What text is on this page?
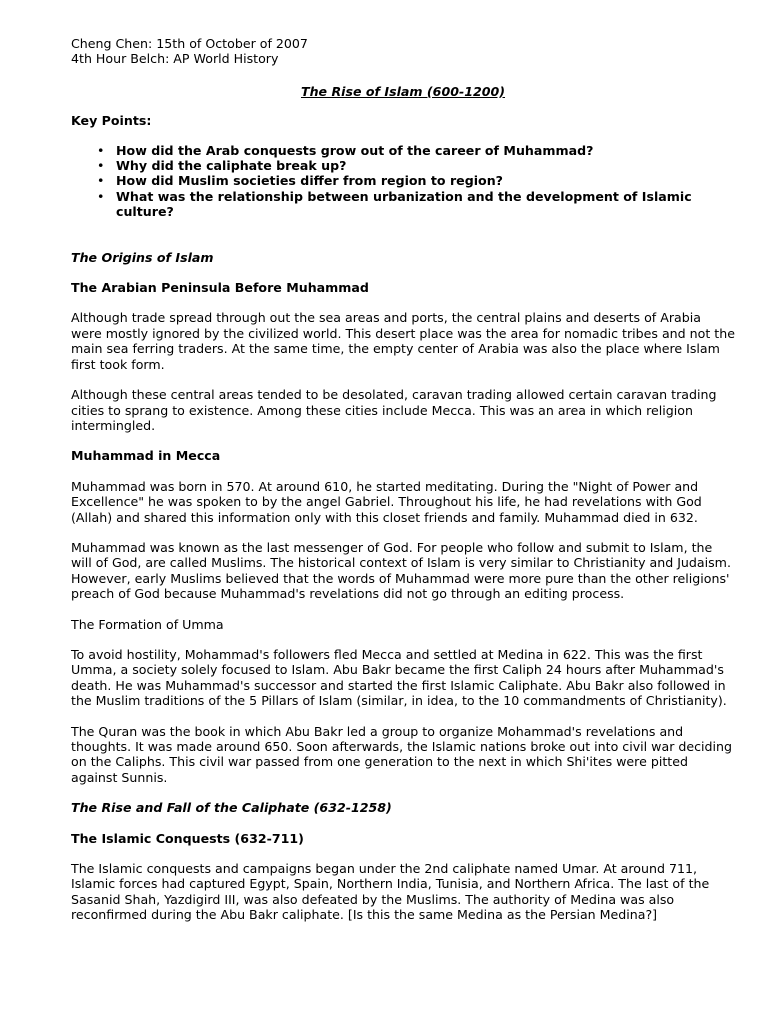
Cheng Chen: 15th of October of 2007

4th Hour Belch: AP World History

The Rise of Islam (600-1200)

Key Points:

• How did the Arab conquests grow out of the career of Muhammad?
• Why did the caliphate break up?
• How did Muslim societies differ from region to region?
• What was the relationship between urbanization and the development of Islamic culture?

The Origins of Islam

The Arabian Peninsula Before Muhammad

Although trade spread through out the sea areas and ports, the central plains and deserts of Arabia were mostly ignored by the civilized world. This desert place was the area for nomadic tribes and not the main sea ferring traders. At the same time, the empty center of Arabia was also the place where Islam first took form.

Although these central areas tended to be desolated, caravan trading allowed certain caravan trading cities to sprang to existence. Among these cities include Mecca. This was an area in which religion intermingled.

Muhammad in Mecca

Muhammad was born in 570. At around 610, he started meditating. During the "Night of Power and Excellence" he was spoken to by the angel Gabriel. Throughout his life, he had revelations with God (Allah) and shared this information only with this closet friends and family. Muhammad died in 632.

Muhammad was known as the last messenger of God. For people who follow and submit to Islam, the will of God, are called Muslims. The historical context of Islam is very similar to Christianity and Judaism. However, early Muslims believed that the words of Muhammad were more pure than the other religions' preach of God because Muhammad's revelations did not go through an editing process.

The Formation of Umma

To avoid hostility, Mohammad's followers fled Mecca and settled at Medina in 622. This was the first Umma, a society solely focused to Islam. Abu Bakr became the first Caliph 24 hours after Muhammad's death. He was Muhammad's successor and started the first Islamic Caliphate. Abu Bakr also followed in the Muslim traditions of the 5 Pillars of Islam (similar, in idea, to the 10 commandments of Christianity).

The Quran was the book in which Abu Bakr led a group to organize Mohammad's revelations and thoughts. It was made around 650. Soon afterwards, the Islamic nations broke out into civil war deciding on the Caliphs. This civil war passed from one generation to the next in which Shi'ites were pitted against Sunnis.

The Rise and Fall of the Caliphate (632-1258)

The Islamic Conquests (632-711)

The Islamic conquests and campaigns began under the 2nd caliphate named Umar. At around 711, Islamic forces had captured Egypt, Spain, Northern India, Tunisia, and Northern Africa. The last of the Sasanid Shah, Yazdigird III, was also defeated by the Muslims. The authority of Medina was also reconfirmed during the Abu Bakr caliphate. [Is this the same Medina as the Persian Medina?]
